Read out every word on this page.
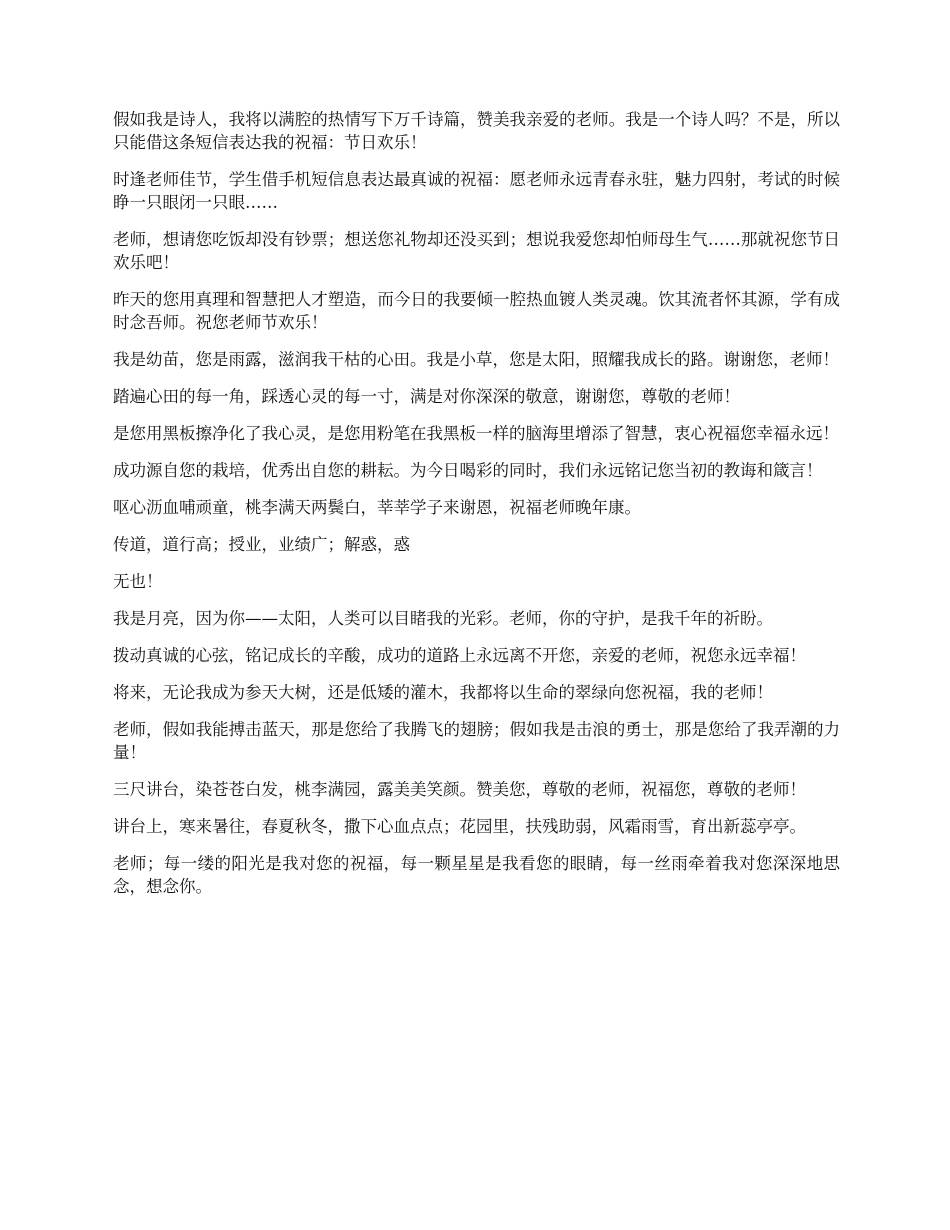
假如我是诗人，我将以满腔的热情写下万千诗篇，赞美我亲爱的老师。我是一个诗人吗？不是，所以只能借这条短信表达我的祝福：节日欢乐！

时逢老师佳节，学生借手机短信息表达最真诚的祝福：愿老师永远青春永驻，魅力四射，考试的时候睁一只眼闭一只眼……

老师，想请您吃饭却没有钞票；想送您礼物却还没买到；想说我爱您却怕师母生气……那就祝您节日欢乐吧！

昨天的您用真理和智慧把人才塑造，而今日的我要倾一腔热血镀人类灵魂。饮其流者怀其源，学有成时念吾师。祝您老师节欢乐！

我是幼苗，您是雨露，滋润我干枯的心田。我是小草，您是太阳，照耀我成长的路。谢谢您，老师！

踏遍心田的每一角，踩透心灵的每一寸，满是对你深深的敬意，谢谢您，尊敬的老师！

是您用黑板擦净化了我心灵，是您用粉笔在我黑板一样的脑海里增添了智慧，衷心祝福您幸福永远！

成功源自您的栽培，优秀出自您的耕耘。为今日喝彩的同时，我们永远铭记您当初的教诲和箴言！

呕心沥血哺顽童，桃李满天两鬓白，莘莘学子来谢恩，祝福老师晚年康。

传道，道行高；授业，业绩广；解惑，惑

无也！

我是月亮，因为你——太阳，人类可以目睹我的光彩。老师，你的守护，是我千年的祈盼。

拨动真诚的心弦，铭记成长的辛酸，成功的道路上永远离不开您，亲爱的老师，祝您永远幸福！

将来，无论我成为参天大树，还是低矮的灌木，我都将以生命的翠绿向您祝福，我的老师！

老师，假如我能搏击蓝天，那是您给了我腾飞的翅膀；假如我是击浪的勇士，那是您给了我弄潮的力量！

三尺讲台，染苍苍白发，桃李满园，露美美笑颜。赞美您，尊敬的老师，祝福您，尊敬的老师！

讲台上，寒来暑往，春夏秋冬，撒下心血点点；花园里，扶残助弱，风霜雨雪，育出新蕊亭亭。

老师；每一缕的阳光是我对您的祝福，每一颗星星是我看您的眼睛，每一丝雨牵着我对您深深地思念，想念你。
